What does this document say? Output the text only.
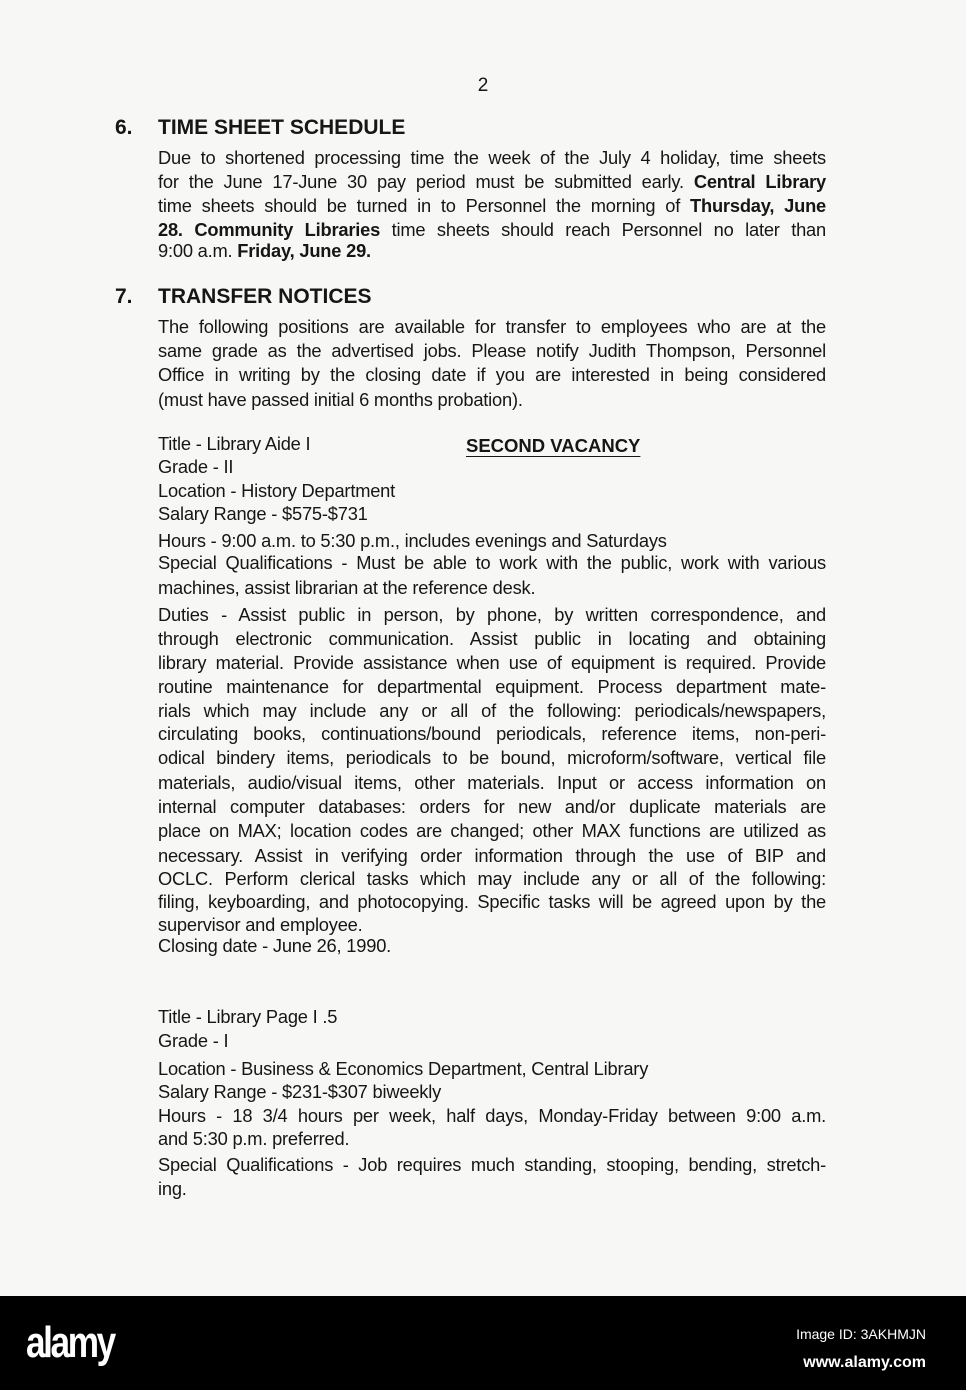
2
6. TIME SHEET SCHEDULE
7. TRANSFER NOTICES
SECOND VACANCY
Due to shortened processing time the week of the July 4 holiday, time sheets
for the June 17-June 30 pay period must be submitted early. Central Library
time sheets should be turned in to Personnel the morning of Thursday, June
28. Community Libraries time sheets should reach Personnel no later than
9:00 a.m. Friday, June 29.
The following positions are available for transfer to employees who are at the
same grade as the advertised jobs. Please notify Judith Thompson, Personnel
Office in writing by the closing date if you are interested in being considered
(must have passed initial 6 months probation).
Title - Library Aide I
Grade - II
Location - History Department
Salary Range - $575-$731
Hours - 9:00 a.m. to 5:30 p.m., includes evenings and Saturdays
Special Qualifications - Must be able to work with the public, work with various
machines, assist librarian at the reference desk.
Duties - Assist public in person, by phone, by written correspondence, and
through electronic communication. Assist public in locating and obtaining
library material. Provide assistance when use of equipment is required. Provide
routine maintenance for departmental equipment. Process department mate-
rials which may include any or all of the following: periodicals/newspapers,
circulating books, continuations/bound periodicals, reference items, non-peri-
odical bindery items, periodicals to be bound, microform/software, vertical file
materials, audio/visual items, other materials. Input or access information on
internal computer databases: orders for new and/or duplicate materials are
place on MAX; location codes are changed; other MAX functions are utilized as
necessary. Assist in verifying order information through the use of BIP and
OCLC. Perform clerical tasks which may include any or all of the following:
filing, keyboarding, and photocopying. Specific tasks will be agreed upon by the
supervisor and employee.
Closing date - June 26, 1990.
Title - Library Page I .5
Grade - I
Location - Business & Economics Department, Central Library
Salary Range - $231-$307 biweekly
Hours - 18 3/4 hours per week, half days, Monday-Friday between 9:00 a.m.
and 5:30 p.m. preferred.
Special Qualifications - Job requires much standing, stooping, bending, stretch-
ing.
alamy	Image ID: 3AKHMJN
www.alamy.com
